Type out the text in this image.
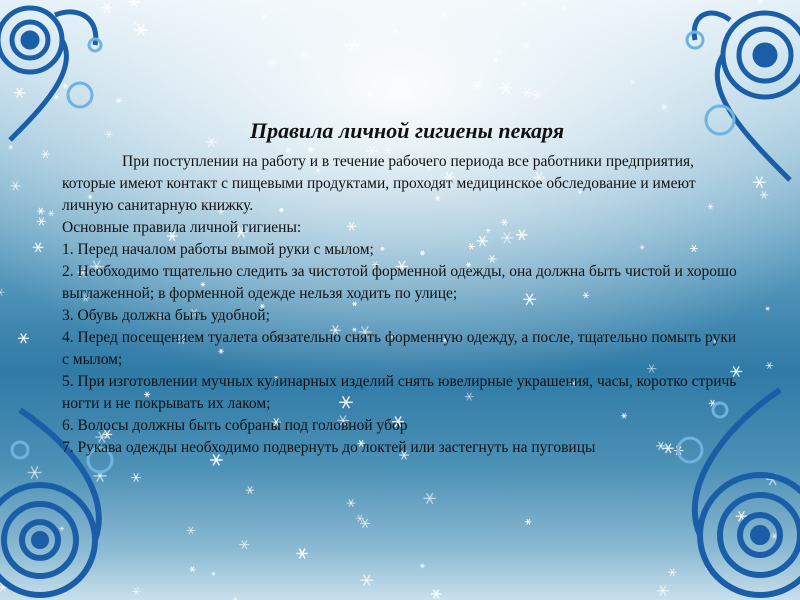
Правила личной гигиены пекаря

При поступлении на работу и в течение рабочего периода все работники предприятия, которые имеют контакт с пищевыми продуктами, проходят медицинское обследование и имеют личную санитарную книжку.

Основные правила личной гигиены:

1. Перед началом работы вымой руки с мылом;

2. Необходимо тщательно следить за чистотой форменной одежды, она должна быть чистой и хорошо выглаженной; в форменной одежде нельзя ходить по улице;

3. Обувь должна быть удобной;

4. Перед посещением туалета обязательно снять форменную одежду, а после, тщательно помыть руки с мылом;

5. При изготовлении мучных кулинарных изделий снять ювелирные украшения, часы, коротко стричь ногти и не покрывать их лаком;

6. Волосы должны быть собраны под головной убор

7. Рукава одежды необходимо подвернуть до локтей или застегнуть на пуговицы
